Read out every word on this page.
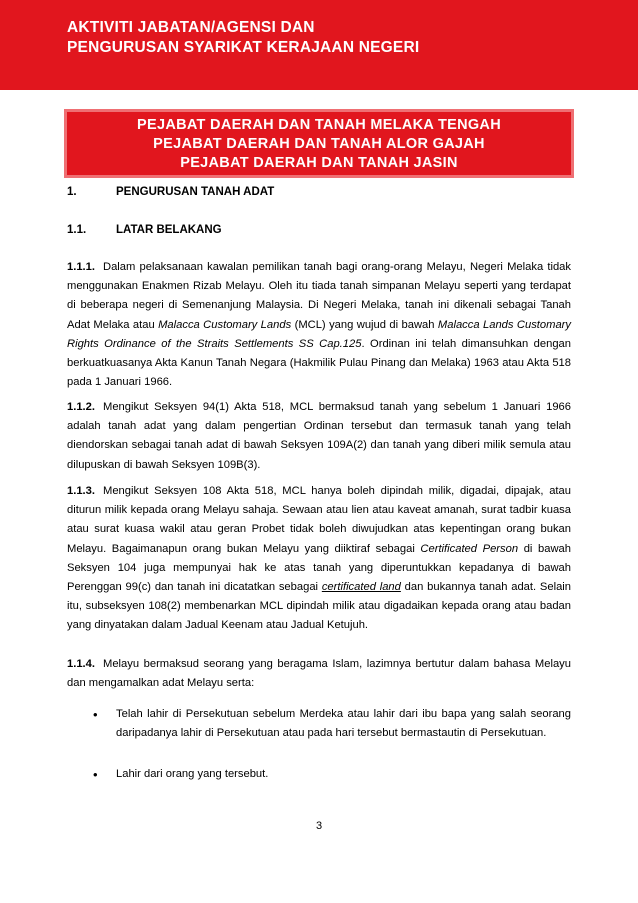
AKTIVITI JABATAN/AGENSI DAN
PENGURUSAN SYARIKAT KERAJAAN NEGERI
PEJABAT DAERAH DAN TANAH MELAKA TENGAH
PEJABAT DAERAH DAN TANAH ALOR GAJAH
PEJABAT DAERAH DAN TANAH JASIN
1.	PENGURUSAN TANAH ADAT
1.1.	LATAR BELAKANG
1.1.1. Dalam pelaksanaan kawalan pemilikan tanah bagi orang-orang Melayu, Negeri Melaka tidak menggunakan Enakmen Rizab Melayu. Oleh itu tiada tanah simpanan Melayu seperti yang terdapat di beberapa negeri di Semenanjung Malaysia. Di Negeri Melaka, tanah ini dikenali sebagai Tanah Adat Melaka atau Malacca Customary Lands (MCL) yang wujud di bawah Malacca Lands Customary Rights Ordinance of the Straits Settlements SS Cap.125. Ordinan ini telah dimansuhkan dengan berkuatkuasanya Akta Kanun Tanah Negara (Hakmilik Pulau Pinang dan Melaka) 1963 atau Akta 518 pada 1 Januari 1966.
1.1.2. Mengikut Seksyen 94(1) Akta 518, MCL bermaksud tanah yang sebelum 1 Januari 1966 adalah tanah adat yang dalam pengertian Ordinan tersebut dan termasuk tanah yang telah diendorskan sebagai tanah adat di bawah Seksyen 109A(2) dan tanah yang diberi milik semula atau dilupuskan di bawah Seksyen 109B(3).
1.1.3. Mengikut Seksyen 108 Akta 518, MCL hanya boleh dipindah milik, digadai, dipajak, atau diturun milik kepada orang Melayu sahaja. Sewaan atau lien atau kaveat amanah, surat tadbir kuasa atau surat kuasa wakil atau geran Probet tidak boleh diwujudkan atas kepentingan orang bukan Melayu. Bagaimanapun orang bukan Melayu yang diiktiraf sebagai Certificated Person di bawah Seksyen 104 juga mempunyai hak ke atas tanah yang diperuntukkan kepadanya di bawah Perenggan 99(c) dan tanah ini dicatatkan sebagai certificated land dan bukannya tanah adat. Selain itu, subseksyen 108(2) membenarkan MCL dipindah milik atau digadaikan kepada orang atau badan yang dinyatakan dalam Jadual Keenam atau Jadual Ketujuh.
1.1.4. Melayu bermaksud seorang yang beragama Islam, lazimnya bertutur dalam bahasa Melayu dan mengamalkan adat Melayu serta:
• Telah lahir di Persekutuan sebelum Merdeka atau lahir dari ibu bapa yang salah seorang daripadanya lahir di Persekutuan atau pada hari tersebut bermastautin di Persekutuan.
• Lahir dari orang yang tersebut.
3
